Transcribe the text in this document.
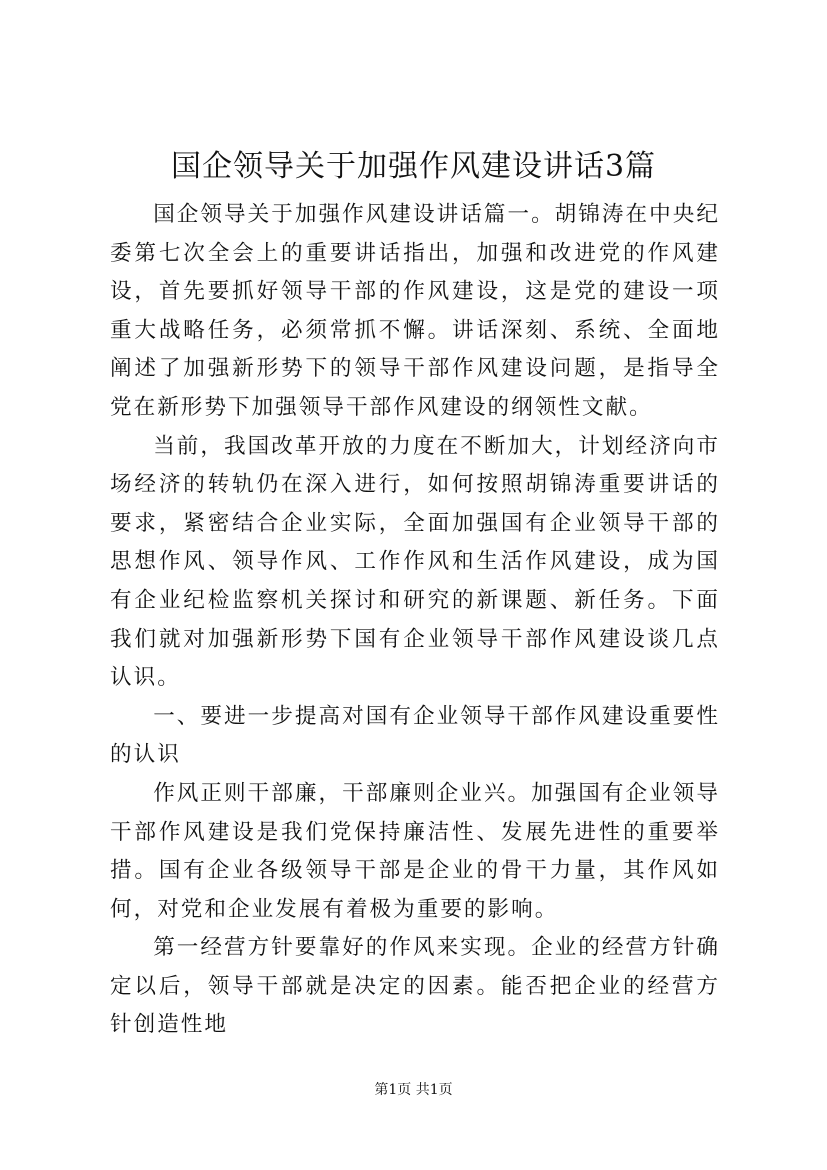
国企领导关于加强作风建设讲话3篇

国企领导关于加强作风建设讲话篇一。胡锦涛在中央纪委第七次全会上的重要讲话指出，加强和改进党的作风建设，首先要抓好领导干部的作风建设，这是党的建设一项重大战略任务，必须常抓不懈。讲话深刻、系统、全面地阐述了加强新形势下的领导干部作风建设问题，是指导全党在新形势下加强领导干部作风建设的纲领性文献。

当前，我国改革开放的力度在不断加大，计划经济向市场经济的转轨仍在深入进行，如何按照胡锦涛重要讲话的要求，紧密结合企业实际，全面加强国有企业领导干部的思想作风、领导作风、工作作风和生活作风建设，成为国有企业纪检监察机关探讨和研究的新课题、新任务。下面我们就对加强新形势下国有企业领导干部作风建设谈几点认识。

一、要进一步提高对国有企业领导干部作风建设重要性的认识

作风正则干部廉，干部廉则企业兴。加强国有企业领导干部作风建设是我们党保持廉洁性、发展先进性的重要举措。国有企业各级领导干部是企业的骨干力量，其作风如何，对党和企业发展有着极为重要的影响。

第一经营方针要靠好的作风来实现。企业的经营方针确定以后，领导干部就是决定的因素。能否把企业的经营方针创造性地

第1页 共1页
